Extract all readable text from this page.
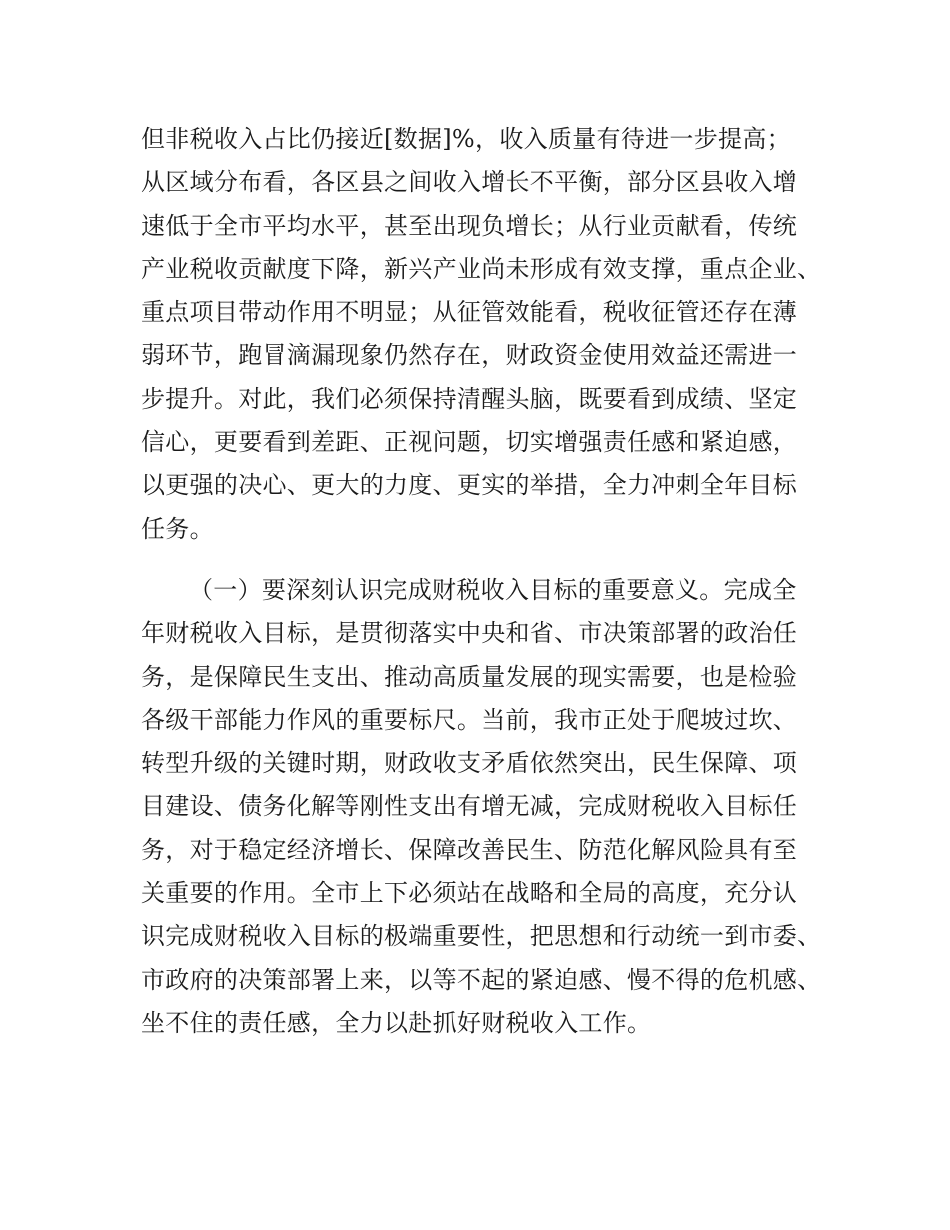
但非税收入占比仍接近[数据]%，收入质量有待进一步提高；
从区域分布看，各区县之间收入增长不平衡，部分区县收入增
速低于全市平均水平，甚至出现负增长；从行业贡献看，传统
产业税收贡献度下降，新兴产业尚未形成有效支撑，重点企业、
重点项目带动作用不明显；从征管效能看，税收征管还存在薄
弱环节，跑冒滴漏现象仍然存在，财政资金使用效益还需进一
步提升。对此，我们必须保持清醒头脑，既要看到成绩、坚定
信心，更要看到差距、正视问题，切实增强责任感和紧迫感，
以更强的决心、更大的力度、更实的举措，全力冲刺全年目标
任务。
（一）要深刻认识完成财税收入目标的重要意义。完成全
年财税收入目标，是贯彻落实中央和省、市决策部署的政治任
务，是保障民生支出、推动高质量发展的现实需要，也是检验
各级干部能力作风的重要标尺。当前，我市正处于爬坡过坎、
转型升级的关键时期，财政收支矛盾依然突出，民生保障、项
目建设、债务化解等刚性支出有增无减，完成财税收入目标任
务，对于稳定经济增长、保障改善民生、防范化解风险具有至
关重要的作用。全市上下必须站在战略和全局的高度，充分认
识完成财税收入目标的极端重要性，把思想和行动统一到市委、
市政府的决策部署上来，以等不起的紧迫感、慢不得的危机感、
坐不住的责任感，全力以赴抓好财税收入工作。
